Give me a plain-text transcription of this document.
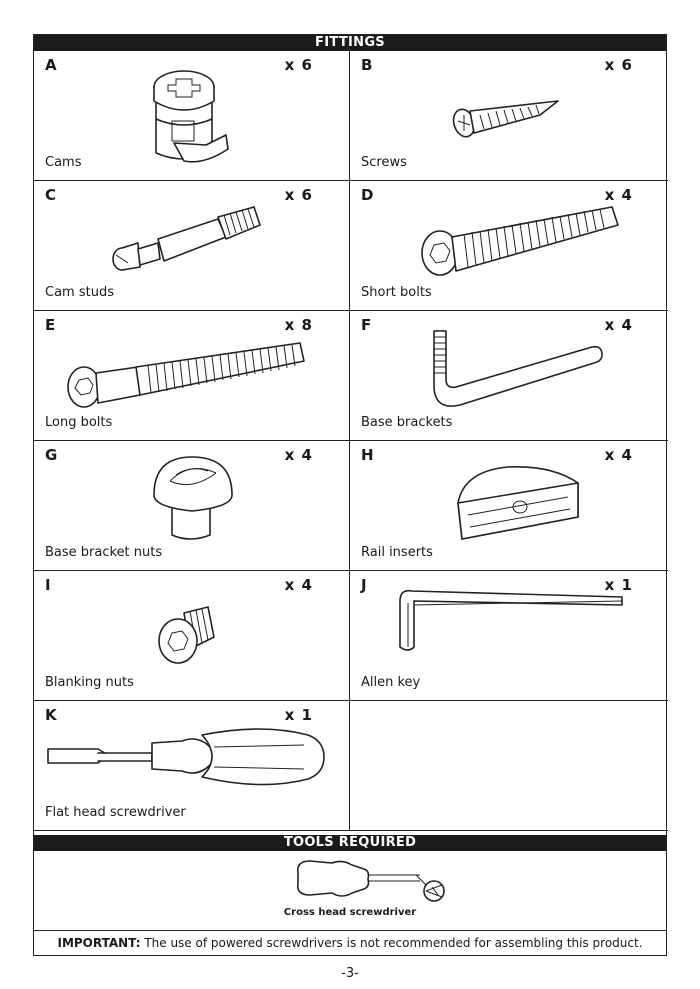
FITTINGS
A	x 6
Cams
B	x 6
Screws
C	x 6
Cam studs
D	x 4
Short bolts
E	x 8
Long bolts
F	x 4
Base brackets
G	x 4
Base bracket nuts
H	x 4
Rail inserts
I	x 4
Blanking nuts
J	x 1
Allen key
K	x 1
Flat head screwdriver
TOOLS REQUIRED
Cross head screwdriver
IMPORTANT: The use of powered screwdrivers is not recommended for assembling this product.
-3-
